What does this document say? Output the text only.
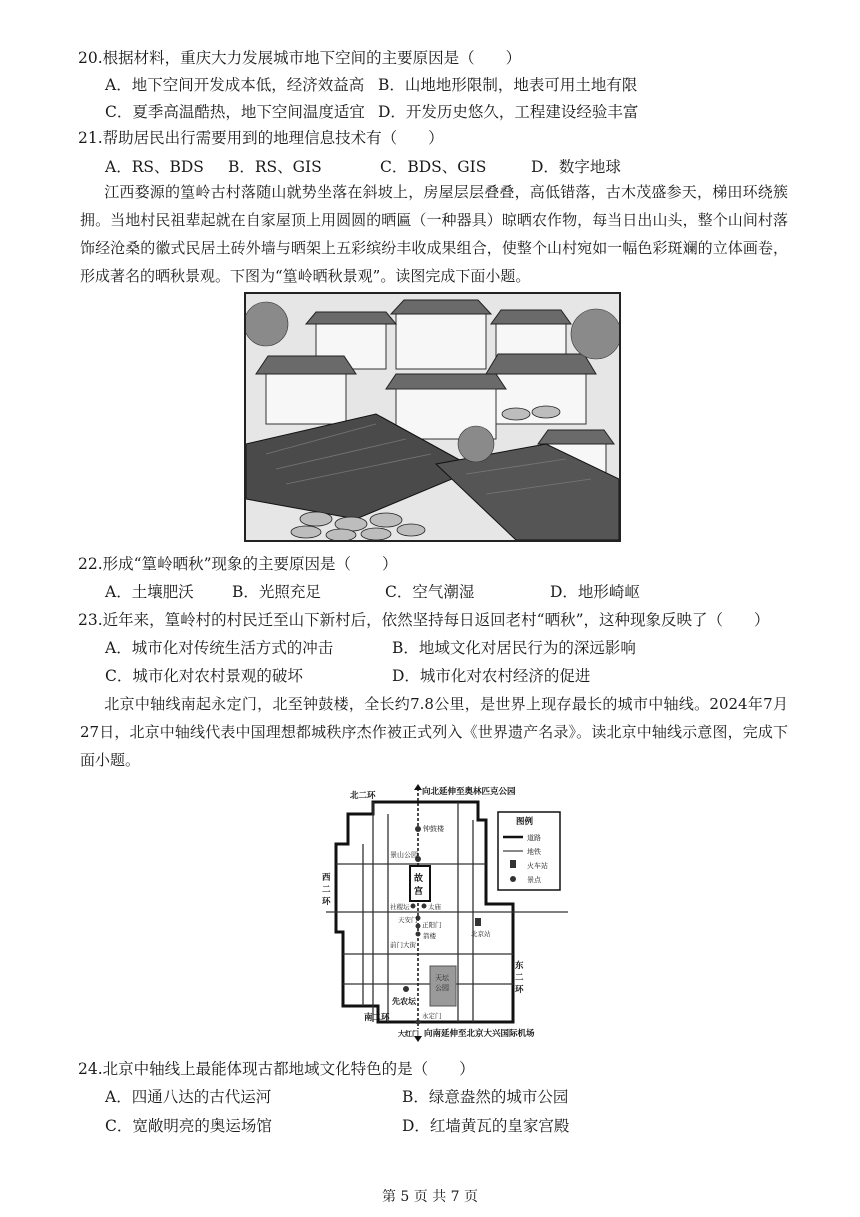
20.根据材料，重庆大力发展城市地下空间的主要原因是（　　）
A．地下空间开发成本低，经济效益高 B．山地地形限制，地表可用土地有限
C．夏季高温酷热，地下空间温度适宜 D．开发历史悠久，工程建设经验丰富
21.帮助居民出行需要用到的地理信息技术有（　　）
A．RS、BDS B．RS、GIS	C．BDS、GIS	D．数字地球
江西婺源的篁岭古村落随山就势坐落在斜坡上，房屋层层叠叠，高低错落，古木茂盛参天，梯田环绕簇拥。当地村民祖辈起就在自家屋顶上用圆圆的晒匾（一种器具）晾晒农作物，每当日出山头，整个山间村落饰经沧桑的徽式民居土砖外墙与晒架上五彩缤纷丰收成果组合，使整个山村宛如一幅色彩斑斓的立体画卷，形成著名的晒秋景观。下图为“篁岭晒秋景观”。读图完成下面小题。
22.形成“篁岭晒秋”现象的主要原因是（　　）
A．土壤肥沃 B．光照充足	C．空气潮湿	D．地形崎岖
23.近年来，篁岭村的村民迁至山下新村后，依然坚持每日返回老村“晒秋”，这种现象反映了（　　）
A．城市化对传统生活方式的冲击	B．地域文化对居民行为的深远影响
C．城市化对农村景观的破坏	D．城市化对农村经济的促进
北京中轴线南起永定门，北至钟鼓楼，全长约7.8公里，是世界上现存最长的城市中轴线。2024年7月27日，北京中轴线代表中国理想都城秩序杰作被正式列入《世界遗产名录》。读北京中轴线示意图，完成下面小题。
向北延伸至奥林匹克公园
北二环
钟鼓楼
景山公园
故
宫
社稷坛	太庙
天安门
正阳门
箭楼
前门大街
北京站
天坛
公园
先农坛
永定门
南二环
大红门 向南延伸至北京大兴国际机场
西
二
环
东
二
环
图例
道路
地铁
火车站
景点
24.北京中轴线上最能体现古都地域文化特色的是（　　）
A．四通八达的古代运河	B．绿意盎然的城市公园
C．宽敞明亮的奥运场馆	D．红墙黄瓦的皇家宫殿
第 5 页 共 7 页
